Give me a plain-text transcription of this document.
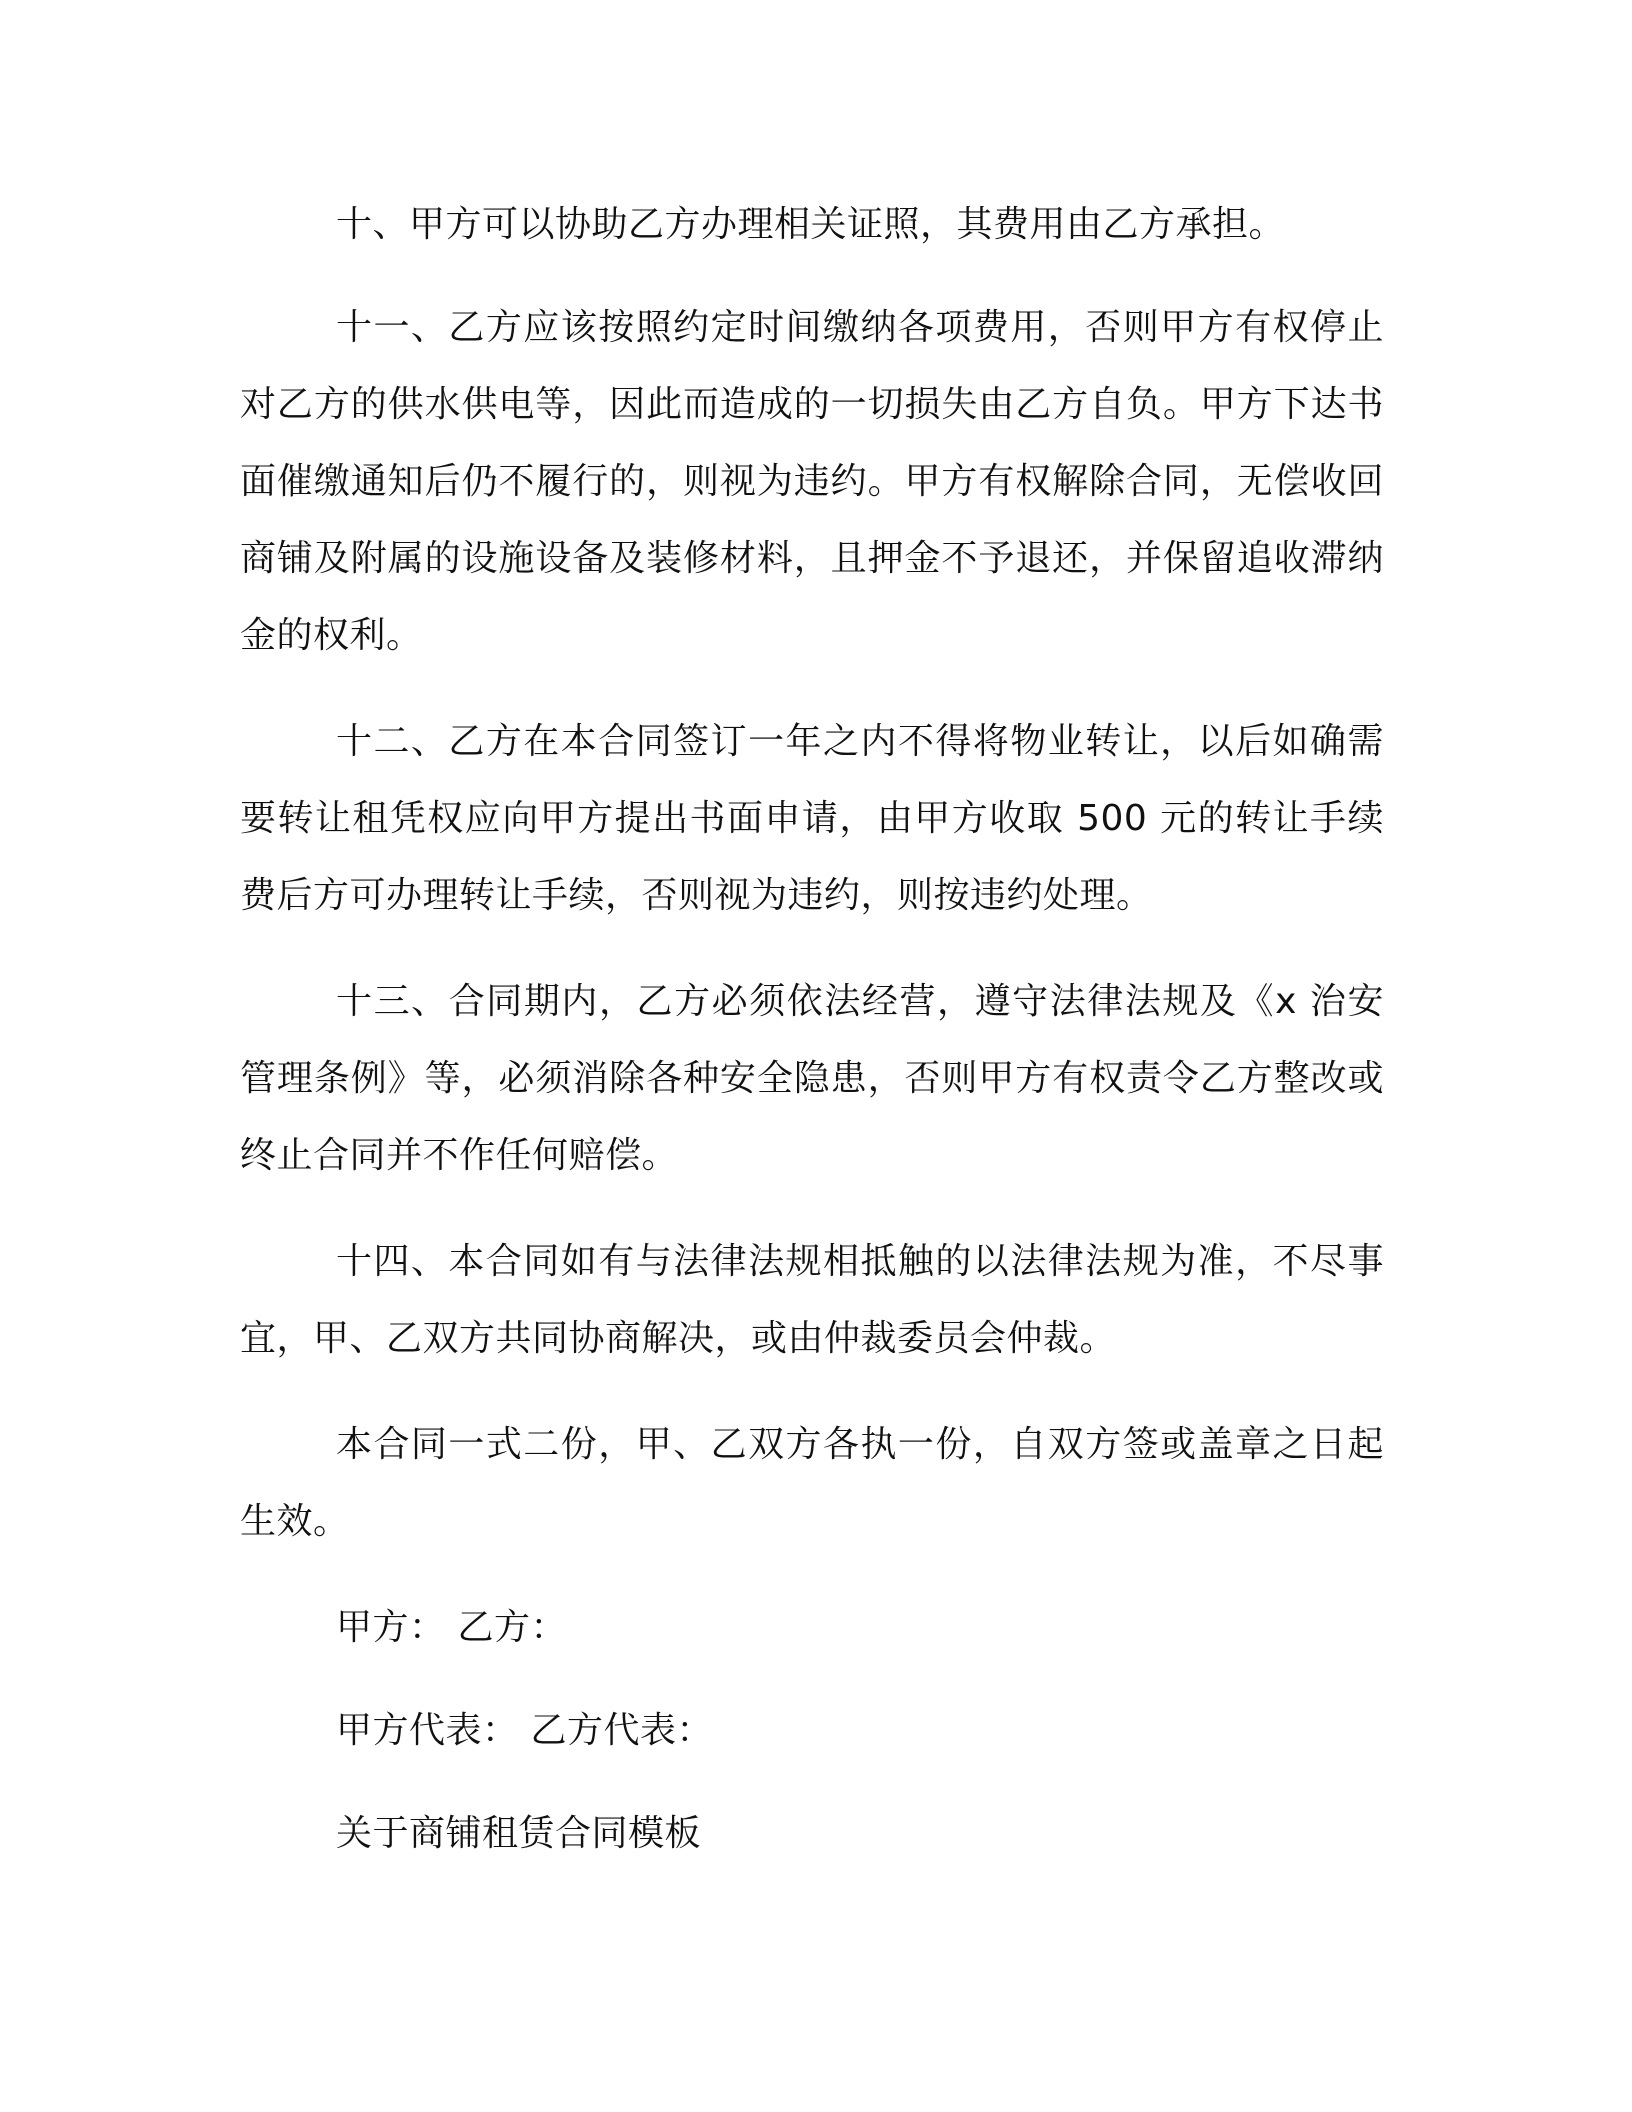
十、甲方可以协助乙方办理相关证照，其费用由乙方承担。

十一、乙方应该按照约定时间缴纳各项费用，否则甲方有权停止对乙方的供水供电等，因此而造成的一切损失由乙方自负。甲方下达书面催缴通知后仍不履行的，则视为违约。甲方有权解除合同，无偿收回商铺及附属的设施设备及装修材料，且押金不予退还，并保留追收滞纳金的权利。

十二、乙方在本合同签订一年之内不得将物业转让，以后如确需要转让租凭权应向甲方提出书面申请，由甲方收取 500 元的转让手续费后方可办理转让手续，否则视为违约，则按违约处理。

十三、合同期内，乙方必须依法经营，遵守法律法规及《x 治安管理条例》等，必须消除各种安全隐患，否则甲方有权责令乙方整改或终止合同并不作任何赔偿。

十四、本合同如有与法律法规相抵触的以法律法规为准，不尽事宜，甲、乙双方共同协商解决，或由仲裁委员会仲裁。

本合同一式二份，甲、乙双方各执一份，自双方签或盖章之日起生效。

甲方： 乙方：

甲方代表： 乙方代表：

关于商铺租赁合同模板
